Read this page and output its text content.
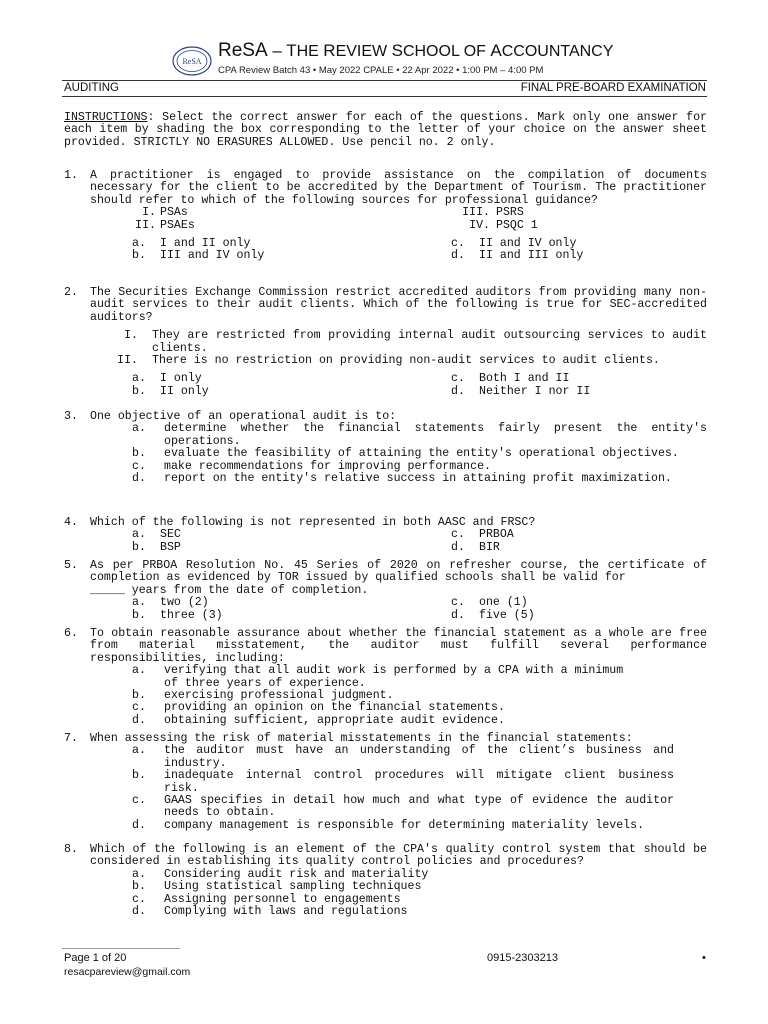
ReSA
ReSA – THE REVIEW SCHOOL OF ACCOUNTANCY
CPA Review Batch 43 • May 2022 CPALE • 22 Apr 2022 • 1:00 PM – 4:00 PM
AUDITING	FINAL PRE-BOARD EXAMINATION
INSTRUCTIONS: Select the correct answer for each of the questions. Mark only one answer for each item by shading the box corresponding to the letter of your choice on the answer sheet provided. STRICTLY NO ERASURES ALLOWED. Use pencil no. 2 only.
1. A practitioner is engaged to provide assistance on the compilation of documents necessary for the client to be accredited by the Department of Tourism. The practitioner should refer to which of the following sources for professional guidance?

I.

PSAs

	III.

PSRS

II.

PSAEs

	IV.

PSQC 1

a.

I and II only

	c.

II and IV only

b.

III and IV only

	d.

II and III only

2. The Securities Exchange Commission restrict accredited auditors from providing many non-audit services to their audit clients. Which of the following is true for SEC-accredited auditors?
I. They are restricted from providing internal audit outsourcing services to audit clients.
II. There is no restriction on providing non-audit services to audit clients.

a.

I only

	c.

Both I and II

b.

II only

	d.

Neither I nor II

3. One objective of an operational audit is to:
a. determine whether the financial statements fairly present the entity's operations.
b. evaluate the feasibility of attaining the entity's operational objectives.
c. make recommendations for improving performance.
d. report on the entity's relative success in attaining profit maximization.
4. Which of the following is not represented in both AASC and FRSC?

a.

SEC

	c.

PRBOA

b.

BSP

	d.

BIR

5. As per PRBOA Resolution No. 45 Series of 2020 on refresher course, the certificate of completion as evidenced by TOR issued by qualified schools shall be valid for
_____ years from the date of completion.

a.

two (2)

	c.

one (1)

b.

three (3)

	d.

five (5)

6. To obtain reasonable assurance about whether the financial statement as a whole are free from material misstatement, the auditor must fulfill several performance responsibilities, including:
a. verifying that all audit work is performed by a CPA with a minimum of three years of experience.
b. exercising professional judgment.
c. providing an opinion on the financial statements.
d. obtaining sufficient, appropriate audit evidence.
7. When assessing the risk of material misstatements in the financial statements:
a. the auditor must have an understanding of the client’s business and industry.
b. inadequate internal control procedures will mitigate client business risk.
c. GAAS specifies in detail how much and what type of evidence the auditor needs to obtain.
d. company management is responsible for determining materiality levels.
8. Which of the following is an element of the CPA's quality control system that should be considered in establishing its quality control policies and procedures?
a. Considering audit risk and materiality
b. Using statistical sampling techniques
c. Assigning personnel to engagements
d. Complying with laws and regulations
Page 1 of 20
resacpareview@gmail.com
0915-2303213	•
